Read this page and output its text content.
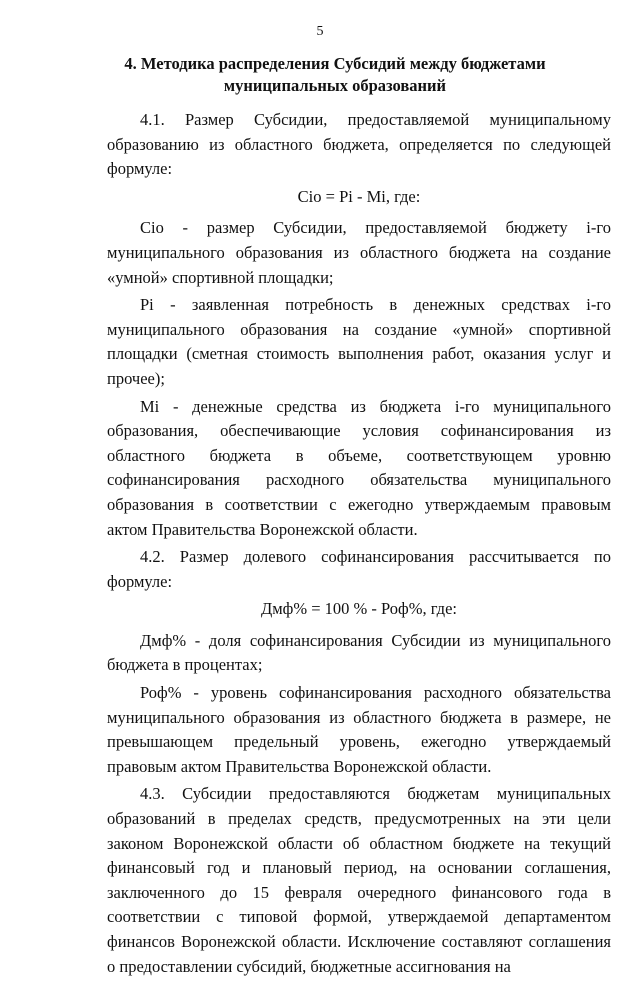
5
4. Методика распределения Субсидий между бюджетами муниципальных образований

4.1. Размер Субсидии, предоставляемой муниципальному образованию из областного бюджета, определяется по следующей формуле:

Сio = Pi - Mi, где:

Сio - размер Субсидии, предоставляемой бюджету i-го муниципального образования из областного бюджета на создание «умной» спортивной площадки;

Pi - заявленная потребность в денежных средствах i-го муниципального образования на создание «умной» спортивной площадки (сметная стоимость выполнения работ, оказания услуг и прочее);

Mi - денежные средства из бюджета i-го муниципального образования, обеспечивающие условия софинансирования из областного бюджета в объеме, соответствующем уровню софинансирования расходного обязательства муниципального образования в соответствии с ежегодно утверждаемым правовым актом Правительства Воронежской области.

4.2. Размер долевого софинансирования рассчитывается по формуле:

Дмф% = 100 % - Роф%, где:

Дмф% - доля софинансирования Субсидии из муниципального бюджета в процентах;

Роф% - уровень софинансирования расходного обязательства муниципального образования из областного бюджета в размере, не превышающем предельный уровень, ежегодно утверждаемый правовым актом Правительства Воронежской области.

4.3. Субсидии предоставляются бюджетам муниципальных образований в пределах средств, предусмотренных на эти цели законом Воронежской области об областном бюджете на текущий финансовый год и плановый период, на основании соглашения, заключенного до 15 февраля очередного финансового года в соответствии с типовой формой, утверждаемой департаментом финансов Воронежской области. Исключение составляют соглашения о предоставлении субсидий, бюджетные ассигнования на
